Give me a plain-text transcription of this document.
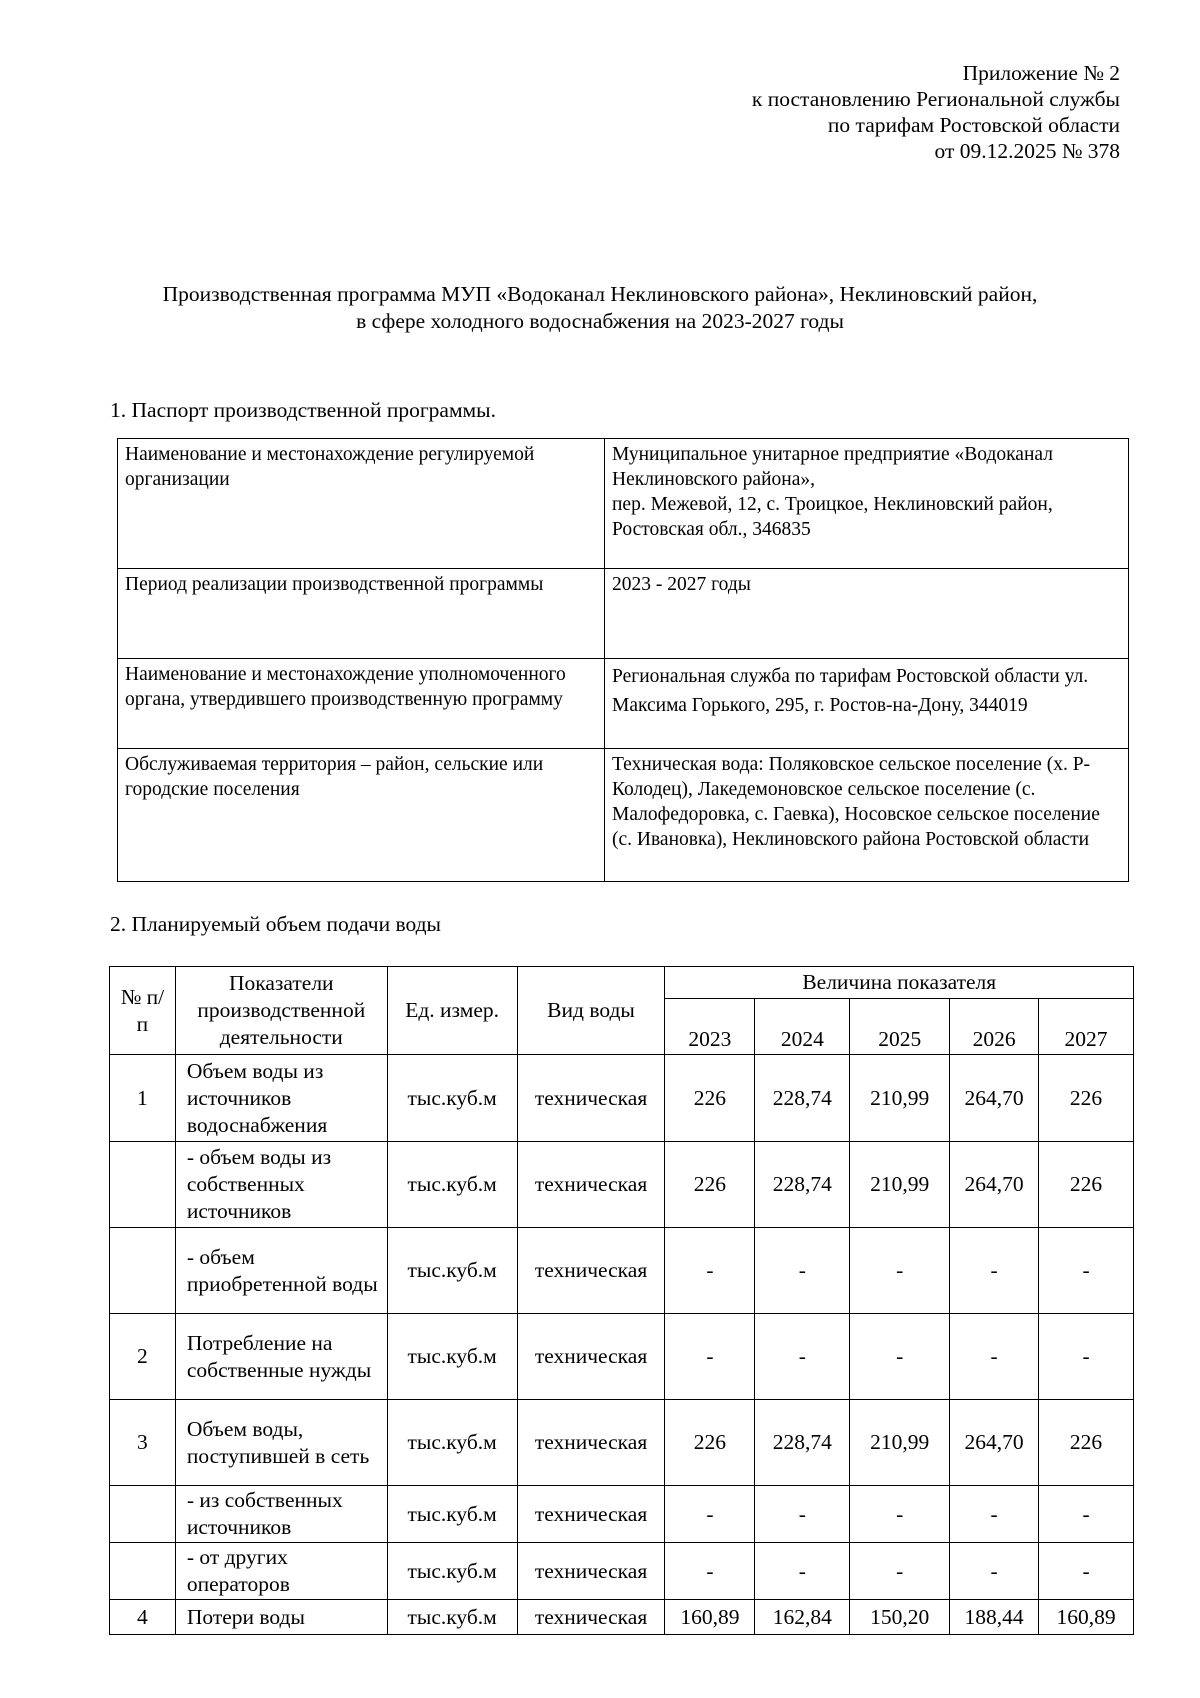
Приложение № 2
к постановлению Региональной службы
по тарифам Ростовской области
от 09.12.2025 № 378
Производственная программа МУП «Водоканал Неклиновского района», Неклиновский район,
в сфере холодного водоснабжения на 2023-2027 годы
1. Паспорт производственной программы.
Наименование и местонахождение регулируемой организации	Муниципальное унитарное предприятие «Водоканал Неклиновского района»,
пер. Межевой, 12, с. Троицкое, Неклиновский район, Ростовская обл., 346835
Период реализации производственной программы	2023 - 2027 годы
Наименование и местонахождение уполномоченного органа, утвердившего производственную программу	Региональная служба по тарифам Ростовской области ул. Максима Горького, 295, г. Ростов-на-Дону, 344019
Обслуживаемая территория – район, сельские или городские поселения	Техническая вода: Поляковское сельское поселение (х. Р-Колодец), Лакедемоновское сельское поселение (с. Малофедоровка, с. Гаевка), Носовское сельское поселение (с. Ивановка), Неклиновского района Ростовской области
2. Планируемый объем подачи воды
№ п/п	Показатели производственной деятельности	Ед. измер.	Вид воды	Величина показателя				
				2023	2024	2025	2026	2027
1	Объем воды из источников водоснабжения	тыс.куб.м	техническая	226	228,74	210,99	264,70	226
	- объем воды из собственных источников	тыс.куб.м	техническая	226	228,74	210,99	264,70	226
	- объем приобретенной воды	тыс.куб.м	техническая	-	-	-	-	-
2	Потребление на собственные нужды	тыс.куб.м	техническая	-	-	-	-	-
3	Объем воды, поступившей в сеть	тыс.куб.м	техническая	226	228,74	210,99	264,70	226
	- из собственных источников	тыс.куб.м	техническая	-	-	-	-	-
	- от других операторов	тыс.куб.м	техническая	-	-	-	-	-
4	Потери воды	тыс.куб.м	техническая	160,89	162,84	150,20	188,44	160,89
